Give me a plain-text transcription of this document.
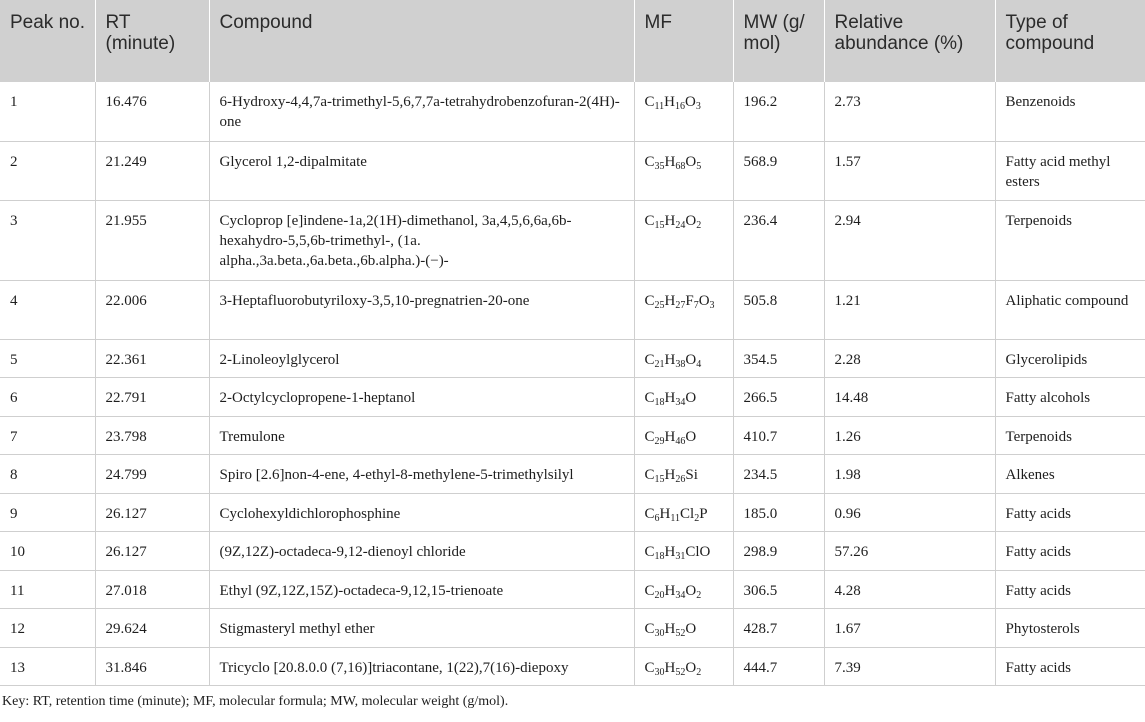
Peak no.	RT (minute)	Compound	MF	MW (g/ mol)	Relative abundance (%)	Type of compound
1	16.476	6-Hydroxy-4,4,7a-trimethyl-5,6,7,7a-tetrahydrobenzofuran-2(4H)-one	$C_{11}H_{16}O_3$	196.2	2.73	Benzenoids
2	21.249	Glycerol 1,2-dipalmitate	$C_{35}H_{68}O_5$	568.9	1.57	Fatty acid methyl esters
3	21.955	Cycloprop [e]indene-1a,2(1H)-dimethanol, 3a,4,5,6,6a,6b-hexahydro-5,5,6b-trimethyl-, (1a. alpha.,3a.beta.,6a.beta.,6b.alpha.)-(−)-	$C_{15}H_{24}O_2$	236.4	2.94	Terpenoids
4	22.006	3-Heptafluorobutyriloxy-3,5,10-pregnatrien-20-one	$C_{25}H_{27}F_7O_3$	505.8	1.21	Aliphatic compound
5	22.361	2-Linoleoylglycerol	$C_{21}H_{38}O_4$	354.5	2.28	Glycerolipids
6	22.791	2-Octylcyclopropene-1-heptanol	$C_{18}H_{34}O$	266.5	14.48	Fatty alcohols
7	23.798	Tremulone	$C_{29}H_{46}O$	410.7	1.26	Terpenoids
8	24.799	Spiro [2.6]non-4-ene, 4-ethyl-8-methylene-5-trimethylsilyl	$C_{15}H_{26}Si$	234.5	1.98	Alkenes
9	26.127	Cyclohexyldichlorophosphine	$C_6H_{11}Cl_2P$	185.0	0.96	Fatty acids
10	26.127	(9Z,12Z)-octadeca-9,12-dienoyl chloride	$C_{18}H_{31}ClO$	298.9	57.26	Fatty acids
11	27.018	Ethyl (9Z,12Z,15Z)-octadeca-9,12,15-trienoate	$C_{20}H_{34}O_2$	306.5	4.28	Fatty acids
12	29.624	Stigmasteryl methyl ether	$C_{30}H_{52}O$	428.7	1.67	Phytosterols
13	31.846	Tricyclo [20.8.0.0 (7,16)]triacontane, 1(22),7(16)-diepoxy	$C_{30}H_{52}O_2$	444.7	7.39	Fatty acids
Key: RT, retention time (minute); MF, molecular formula; MW, molecular weight (g/mol).
